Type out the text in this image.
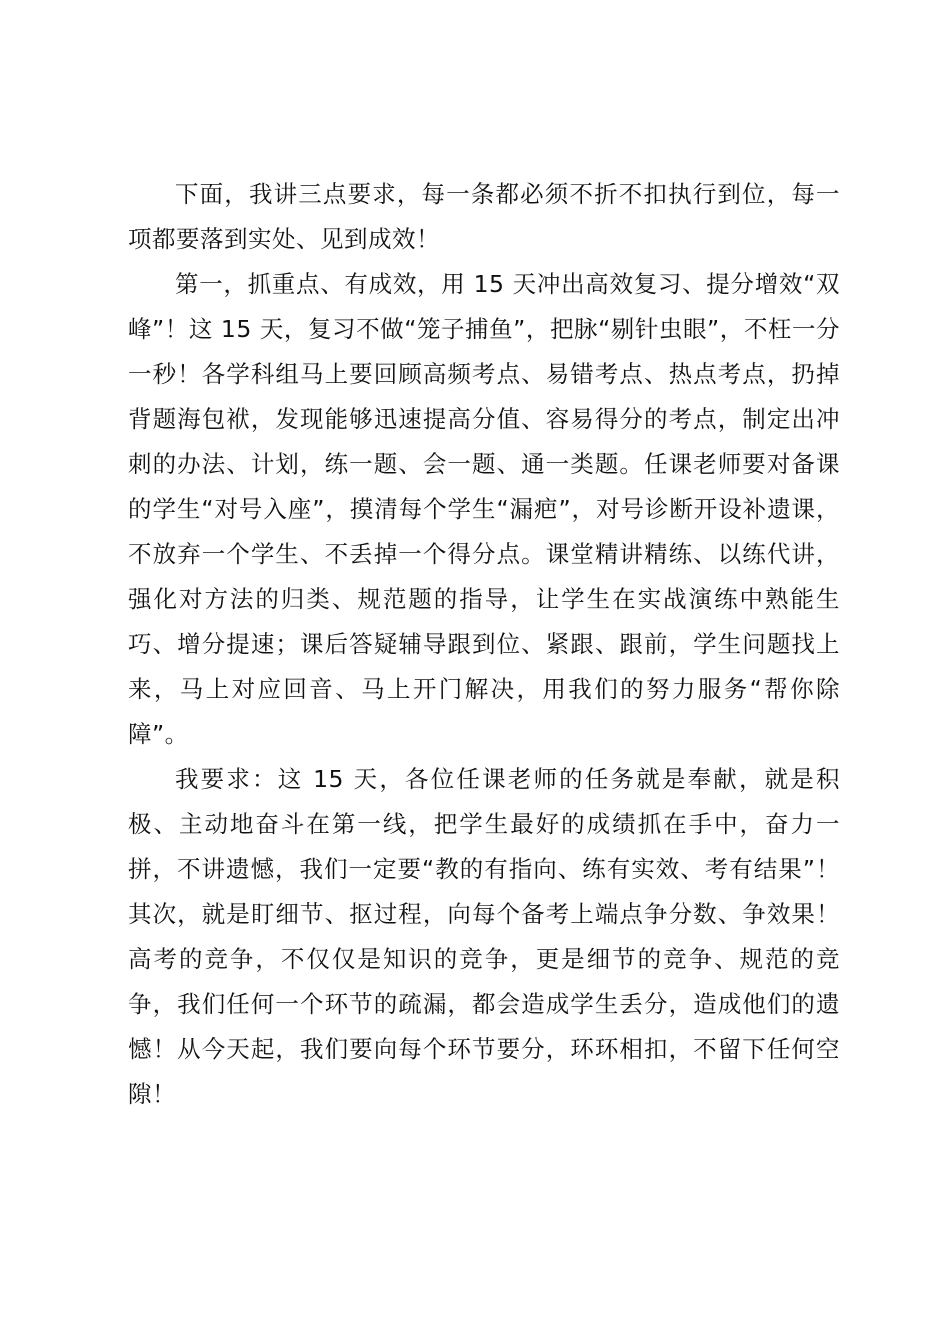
下面，我讲三点要求，每一条都必须不折不扣执行到位，每一项都要落到实处、见到成效！

第一，抓重点、有成效，用 15 天冲出高效复习、提分增效“双峰”！这 15 天，复习不做“笼子捕鱼”，把脉“剔针虫眼”，不枉一分一秒！各学科组马上要回顾高频考点、易错考点、热点考点，扔掉背题海包袱，发现能够迅速提高分值、容易得分的考点，制定出冲刺的办法、计划，练一题、会一题、通一类题。任课老师要对备课的学生“对号入座”，摸清每个学生“漏疤”，对号诊断开设补遗课，不放弃一个学生、不丢掉一个得分点。课堂精讲精练、以练代讲，强化对方法的归类、规范题的指导，让学生在实战演练中熟能生巧、增分提速；课后答疑辅导跟到位、紧跟、跟前，学生问题找上来，马上对应回音、马上开门解决，用我们的努力服务“帮你除障”。

我要求：这 15 天，各位任课老师的任务就是奉献，就是积极、主动地奋斗在第一线，把学生最好的成绩抓在手中，奋力一拼，不讲遗憾，我们一定要“教的有指向、练有实效、考有结果”！其次，就是盯细节、抠过程，向每个备考上端点争分数、争效果！高考的竞争，不仅仅是知识的竞争，更是细节的竞争、规范的竞争，我们任何一个环节的疏漏，都会造成学生丢分，造成他们的遗憾！从今天起，我们要向每个环节要分，环环相扣，不留下任何空隙！
